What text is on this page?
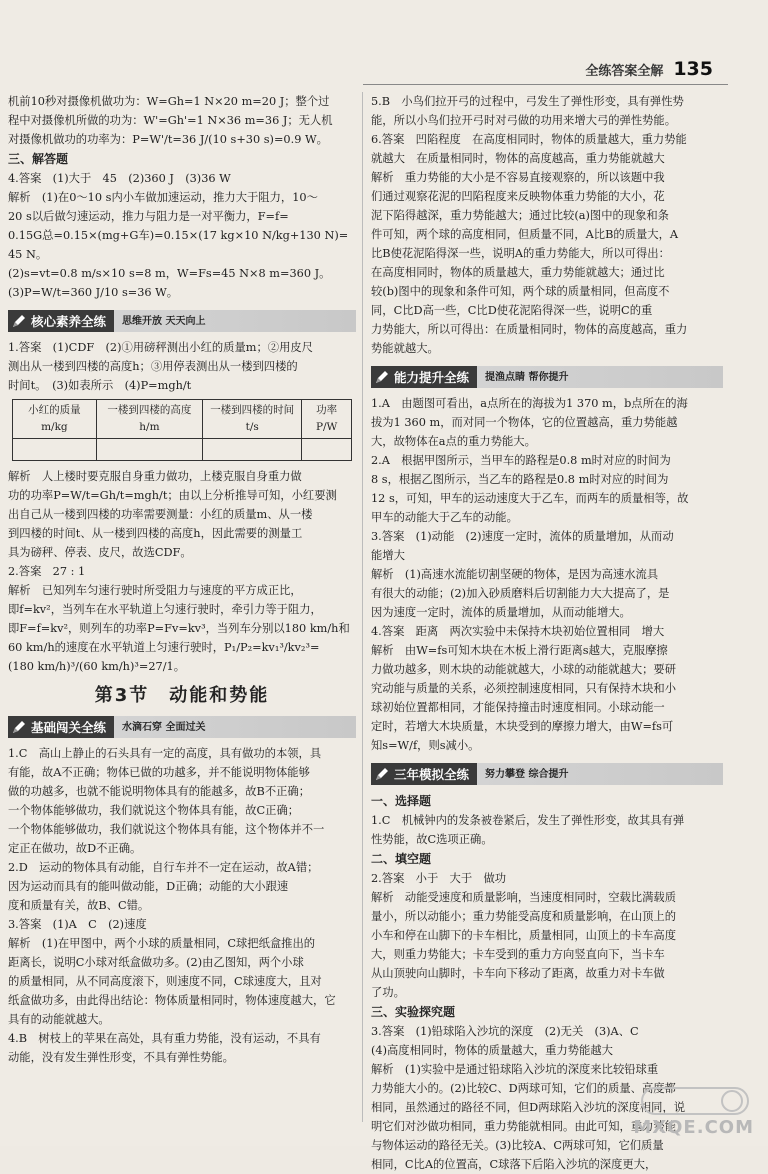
全练答案全解 135
机前10秒对摄像机做功为：W=Gh=1 N×20 m=20 J；整个过
程中对摄像机所做的功为：W'=Gh'=1 N×36 m=36 J；无人机
对摄像机做功的功率为：P=W'/t=36 J/(10 s+30 s)=0.9 W。
三、解答题
4.答案　(1)大于　45　(2)360 J　(3)36 W
解析　(1)在0～10 s内小车做加速运动，推力大于阻力，10～
20 s以后做匀速运动，推力与阻力是一对平衡力，F=f=
0.15G总=0.15×(mg+G车)=0.15×(17 kg×10 N/kg+130 N)=
45 N。
(2)s=vt=0.8 m/s×10 s=8 m，W=Fs=45 N×8 m=360 J。
(3)P=W/t=360 J/10 s=36 W。
核心素养全练 思维开放 天天向上
1.答案　(1)CDF　(2)①用磅秤测出小红的质量m；②用皮尺
测出从一楼到四楼的高度h；③用停表测出从一楼到四楼的
时间t。　(3)如表所示　(4)P=mgh/t
小红的质量m/kg	一楼到四楼的高度h/m	一楼到四楼的时间t/s	功率P/W

解析　人上楼时要克服自身重力做功，上楼克服自身重力做
功的功率P=W/t=Gh/t=mgh/t；由以上分析推导可知，小红要测
出自己从一楼到四楼的功率需要测量：小红的质量m、从一楼
到四楼的时间t、从一楼到四楼的高度h，因此需要的测量工
具为磅秤、停表、皮尺，故选CDF。
2.答案　27 : 1
解析　已知列车匀速行驶时所受阻力与速度的平方成正比，
即f=kv²，当列车在水平轨道上匀速行驶时，牵引力等于阻力，
即F=f=kv²，则列车的功率P=Fv=kv³，当列车分别以180 km/h和
60 km/h的速度在水平轨道上匀速行驶时，P₁/P₂=kv₁³/kv₂³=
(180 km/h)³/(60 km/h)³=27/1。
第3节　动能和势能
基础闯关全练 水滴石穿 全面过关
1.C　高山上静止的石头具有一定的高度，具有做功的本领，具
有能，故A不正确；物体已做的功越多，并不能说明物体能够
做的功越多，也就不能说明物体具有的能越多，故B不正确；
一个物体能够做功，我们就说这个物体具有能，故C正确；
一个物体能够做功，我们就说这个物体具有能，这个物体并不一
定正在做功，故D不正确。
2.D　运动的物体具有动能，自行车并不一定在运动，故A错；
因为运动而具有的能叫做动能，D正确；动能的大小跟速
度和质量有关，故B、C错。
3.答案　(1)A　C　(2)速度
解析　(1)在甲图中，两个小球的质量相同，C球把纸盒推出的
距离长，说明C小球对纸盒做功多。(2)由乙图知，两个小球
的质量相同，从不同高度滚下，则速度不同，C球速度大，且对
纸盒做功多，由此得出结论：物体质量相同时，物体速度越大，它
具有的动能就越大。
4.B　树枝上的苹果在高处，具有重力势能，没有运动，不具有
动能，没有发生弹性形变，不具有弹性势能。
5.B　小鸟们拉开弓的过程中，弓发生了弹性形变，具有弹性势
能，所以小鸟们拉开弓时对弓做的功用来增大弓的弹性势能。
6.答案　凹陷程度　在高度相同时，物体的质量越大，重力势能
就越大　在质量相同时，物体的高度越高，重力势能就越大
解析　重力势能的大小是不容易直接观察的，所以该题中我
们通过观察花泥的凹陷程度来反映物体重力势能的大小，花
泥下陷得越深，重力势能越大；通过比较(a)图中的现象和条
件可知，两个球的高度相同，但质量不同，A比B的质量大，A
比B使花泥陷得深一些，说明A的重力势能大，所以可得出：
在高度相同时，物体的质量越大，重力势能就越大；通过比
较(b)图中的现象和条件可知，两个球的质量相同，但高度不
同，C比D高一些，C比D使花泥陷得深一些，说明C的重
力势能大，所以可得出：在质量相同时，物体的高度越高，重力
势能就越大。
能力提升全练 提渔点睛 帮你提升
1.A　由题图可看出，a点所在的海拔为1 370 m，b点所在的海
拔为1 360 m，而对同一个物体，它的位置越高，重力势能越
大，故物体在a点的重力势能大。
2.A　根据甲图所示，当甲车的路程是0.8 m时对应的时间为
8 s，根据乙图所示，当乙车的路程是0.8 m时对应的时间为
12 s，可知，甲车的运动速度大于乙车，而两车的质量相等，故
甲车的动能大于乙车的动能。
3.答案　(1)动能　(2)速度一定时，流体的质量增加，从而动
能增大
解析　(1)高速水流能切割坚硬的物体，是因为高速水流具
有很大的动能；(2)加入砂质磨料后切割能力大大提高了，是
因为速度一定时，流体的质量增加，从而动能增大。
4.答案　距离　两次实验中未保持木块初始位置相同　增大
解析　由W=fs可知木块在木板上滑行距离s越大，克服摩擦
力做功越多，则木块的动能就越大，小球的动能就越大；要研
究动能与质量的关系，必须控制速度相同，只有保持木块和小
球初始位置都相同，才能保持撞击时速度相同。小球动能一
定时，若增大木块质量，木块受到的摩擦力增大，由W=fs可
知s=W/f，则s减小。
三年模拟全练 努力攀登 综合提升
一、选择题
1.C　机械钟内的发条被卷紧后，发生了弹性形变，故其具有弹
性势能，故C选项正确。
二、填空题
2.答案　小于　大于　做功
解析　动能受速度和质量影响，当速度相同时，空载比满载质
量小，所以动能小；重力势能受高度和质量影响，在山顶上的
小车和停在山脚下的卡车相比，质量相同，山顶上的卡车高度
大，则重力势能大；卡车受到的重力方向竖直向下，当卡车
从山顶驶向山脚时，卡车向下移动了距离，故重力对卡车做
了功。
三、实验探究题
3.答案　(1)铅球陷入沙坑的深度　(2)无关　(3)A、C
(4)高度相同时，物体的质量越大，重力势能越大
解析　(1)实验中是通过铅球陷入沙坑的深度来比较铅球重
力势能大小的。(2)比较C、D两球可知，它们的质量、高度都
相同，虽然通过的路径不同，但D两球陷入沙坑的深度相同，说
明它们对沙做功相同，重力势能就相同。由此可知，重力势能
与物体运动的路径无关。(3)比较A、C两球可知，它们质量
相同，C比A的位置高，C球落下后陷入沙坑的深度更大，
MXQE.COM
